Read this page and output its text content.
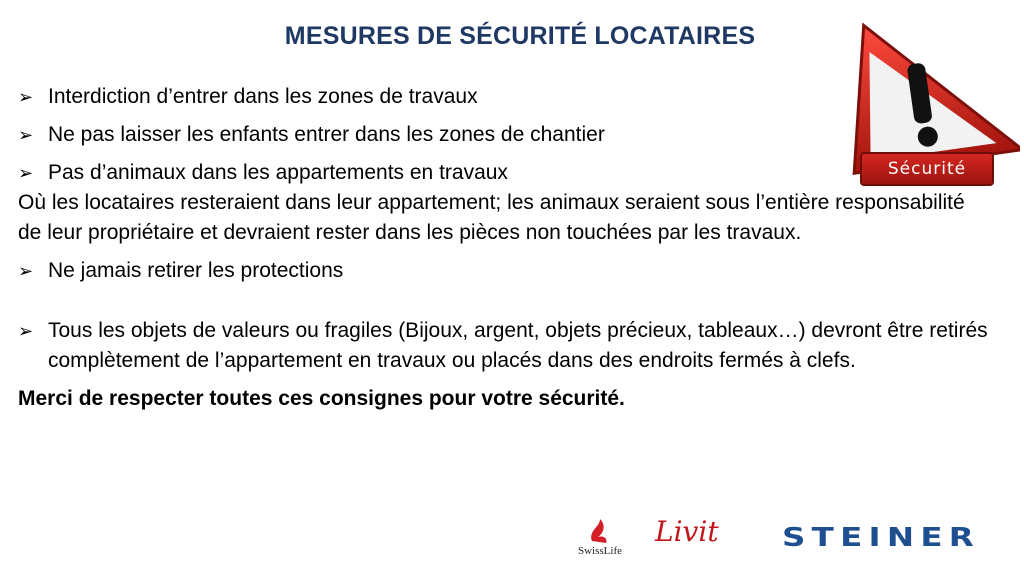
MESURES DE SÉCURITÉ LOCATAIRES
➢ Interdiction d’entrer dans les zones de travaux
➢ Ne pas laisser les enfants entrer dans les zones de chantier
➢ Pas d’animaux dans les appartements en travaux
Où les locataires resteraient dans leur appartement; les animaux seraient sous l’entière responsabilité de leur propriétaire et devraient rester dans les pièces non touchées par les travaux.
➢ Ne jamais retirer les protections
➢ Tous les objets de valeurs ou fragiles (Bijoux, argent, objets précieux, tableaux…) devront être retirés complètement de l’appartement en travaux ou placés dans des endroits fermés à clefs.
Merci de respecter toutes ces consignes pour votre sécurité.
Sécurité
SwissLife
Livit STEINER
